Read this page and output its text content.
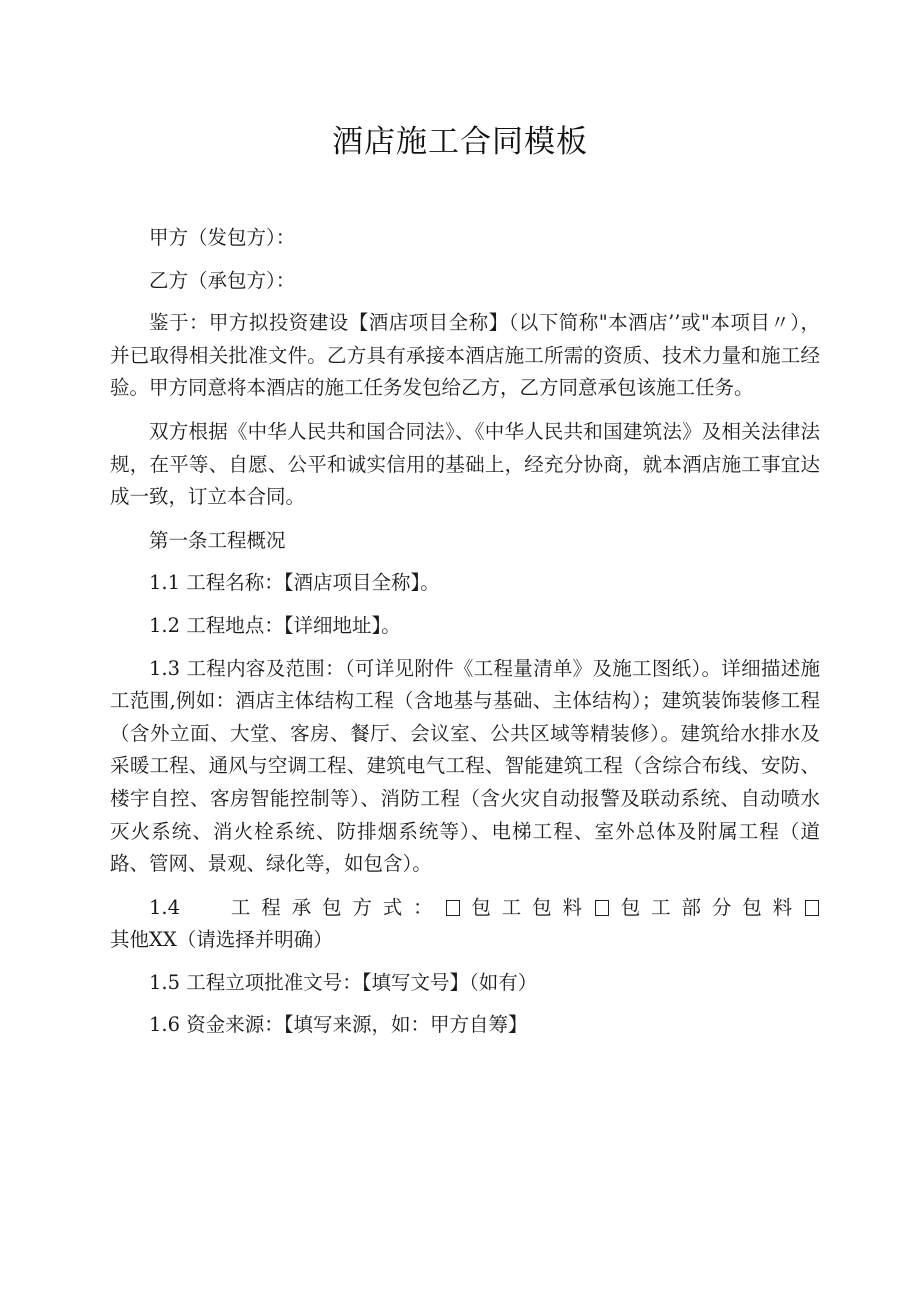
酒店施工合同模板

甲方（发包方）：

乙方（承包方）：

鉴于：甲方拟投资建设【酒店项目全称】（以下简称"本酒店’’或"本项目〃），并已取得相关批准文件。乙方具有承接本酒店施工所需的资质、技术力量和施工经验。甲方同意将本酒店的施工任务发包给乙方，乙方同意承包该施工任务。

双方根据《中华人民共和国合同法》、《中华人民共和国建筑法》及相关法律法规，在平等、自愿、公平和诚实信用的基础上，经充分协商，就本酒店施工事宜达成一致，订立本合同。

第一条工程概况

1.1 工程名称：【酒店项目全称】。

1.2 工程地点：【详细地址】。

1.3 工程内容及范围：（可详见附件《工程量清单》及施工图纸）。详细描述施工范围,例如：酒店主体结构工程（含地基与基础、主体结构）；建筑装饰装修工程（含外立面、大堂、客房、餐厅、会议室、公共区域等精装修）。建筑给水排水及采暖工程、通风与空调工程、建筑电气工程、智能建筑工程（含综合布线、安防、楼宇自控、客房智能控制等）、消防工程（含火灾自动报警及联动系统、自动喷水灭火系统、消火栓系统、防排烟系统等）、电梯工程、室外总体及附属工程（道路、管网、景观、绿化等，如包含）。

1.4 工程承包方式： 包工包料 包工部分包料其他XX（请选择并明确）

1.5 工程立项批准文号：【填写文号】（如有）

1.6 资金来源：【填写来源，如：甲方自筹】
